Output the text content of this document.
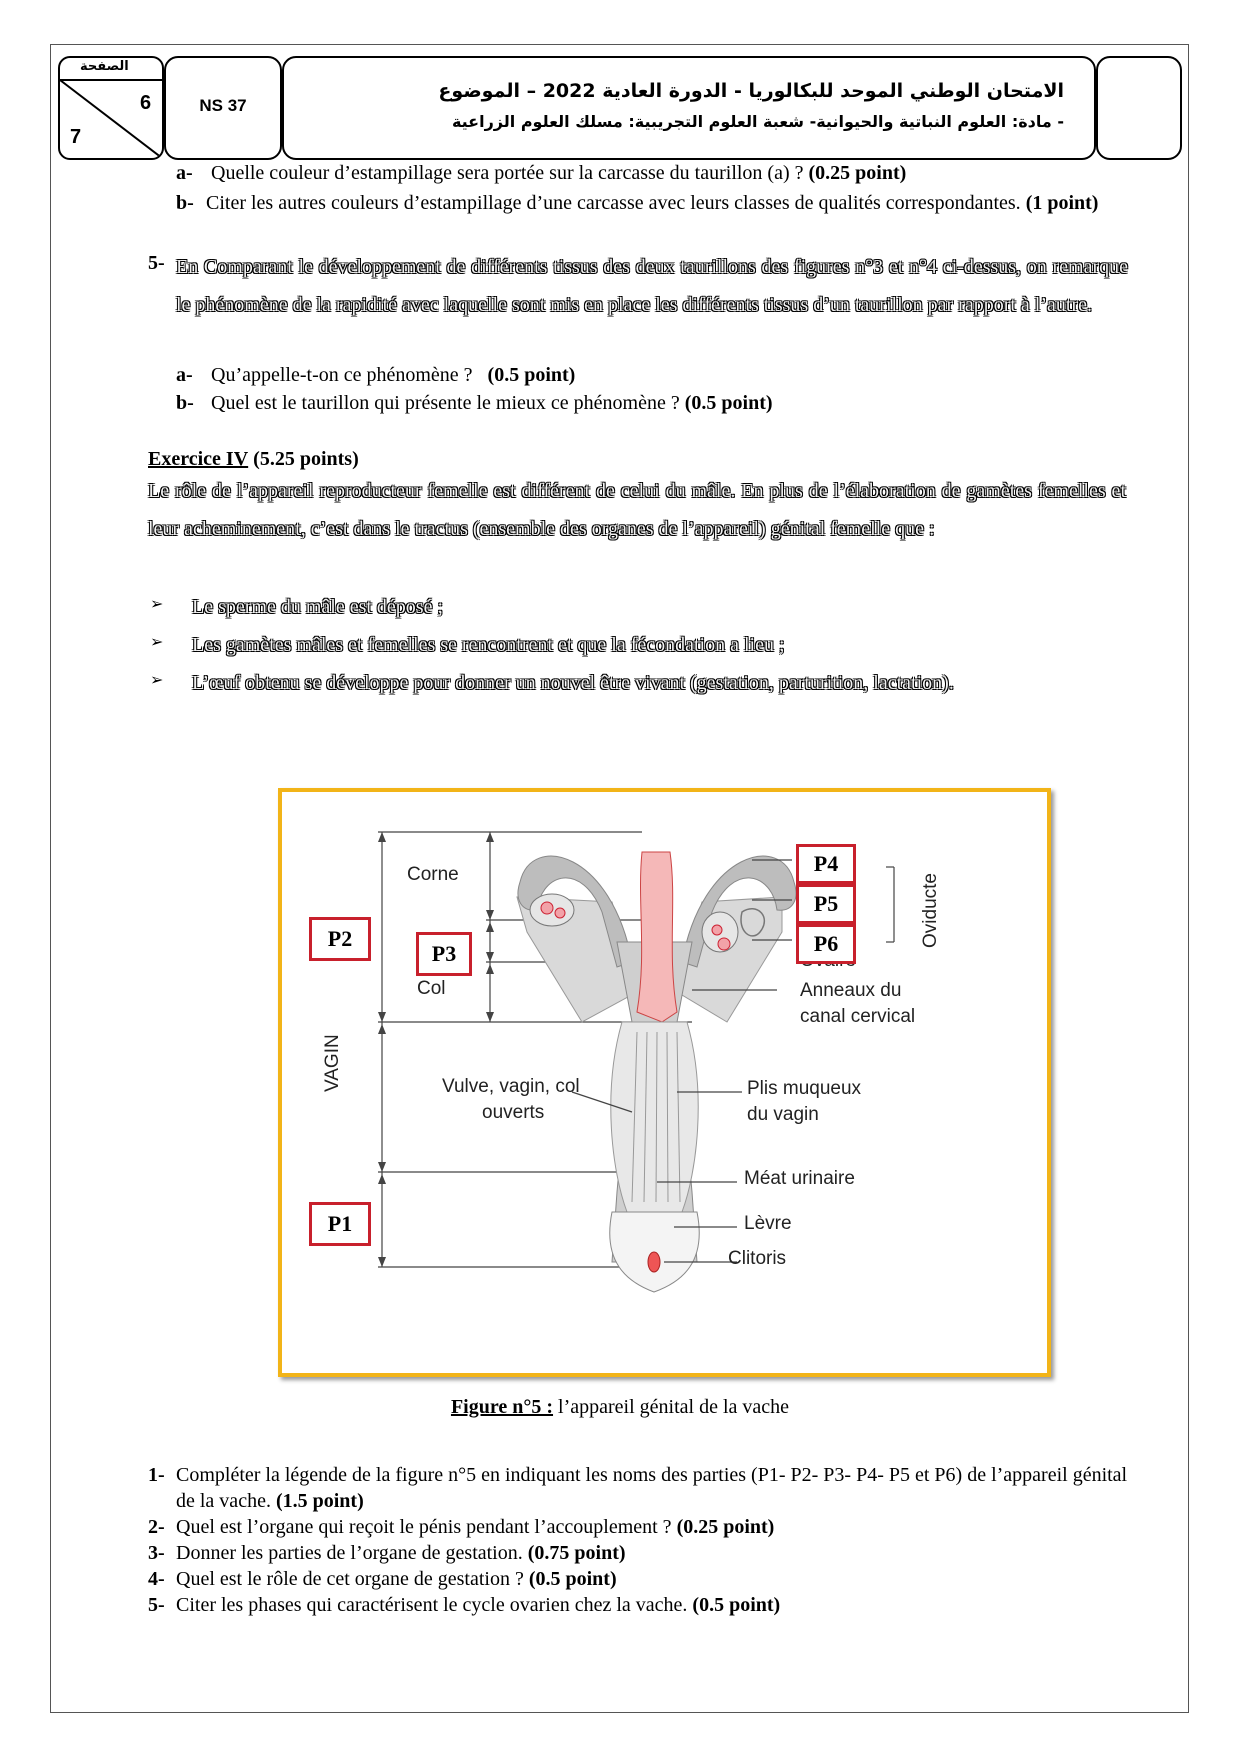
الصفحة
6
7
NS 37
الامتحان الوطني الموحد للبكالوريا - الدورة العادية 2022 – الموضوع
- مادة: العلوم النباتية والحيوانية- شعبة العلوم التجريبية: مسلك العلوم الزراعية
a- Quelle couleur d’estampillage sera portée sur la carcasse du taurillon (a) ? (0.25 point)
b- Citer les autres couleurs d’estampillage d’une carcasse avec leurs classes de qualités correspondantes. (1 point)
5- En Comparant le développement de différents tissus des deux taurillons des figures n°3 et n°4 ci-dessus, on remarque le phénomène de la rapidité avec laquelle sont mis en place les différents tissus d’un taurillon par rapport à l’autre.
a- Qu’appelle-t-on ce phénomène ? (0.5 point)
b- Quel est le taurillon qui présente le mieux ce phénomène ? (0.5 point)
Exercice IV (5.25 points)
Le rôle de l’appareil reproducteur femelle est différent de celui du mâle. En plus de l’élaboration de gamètes femelles et leur acheminement, c’est dans le tractus (ensemble des organes de l’appareil) génital femelle que :
➢ Le sperme du mâle est déposé ;
➢ Les gamètes mâles et femelles se rencontrent et que la fécondation a lieu ;
➢ L’œuf obtenu se développe pour donner un nouvel être vivant (gestation, parturition, lactation).
Corne
Col
VAGIN
Anneaux du
canal cervical
Vulve, vagin, col
ouverts
Plis muqueux
du vagin
Méat urinaire
Lèvre
Clitoris
Oviducte
P2
P3
P4
P5
P6
P1
Figure n°5 : l’appareil génital de la vache
1- Compléter la légende de la figure n°5 en indiquant les noms des parties (P1- P2- P3- P4- P5 et P6) de l’appareil génital de la vache. (1.5 point)
2- Quel est l’organe qui reçoit le pénis pendant l’accouplement ? (0.25 point)
3- Donner les parties de l’organe de gestation. (0.75 point)
4- Quel est le rôle de cet organe de gestation ? (0.5 point)
5- Citer les phases qui caractérisent le cycle ovarien chez la vache. (0.5 point)
